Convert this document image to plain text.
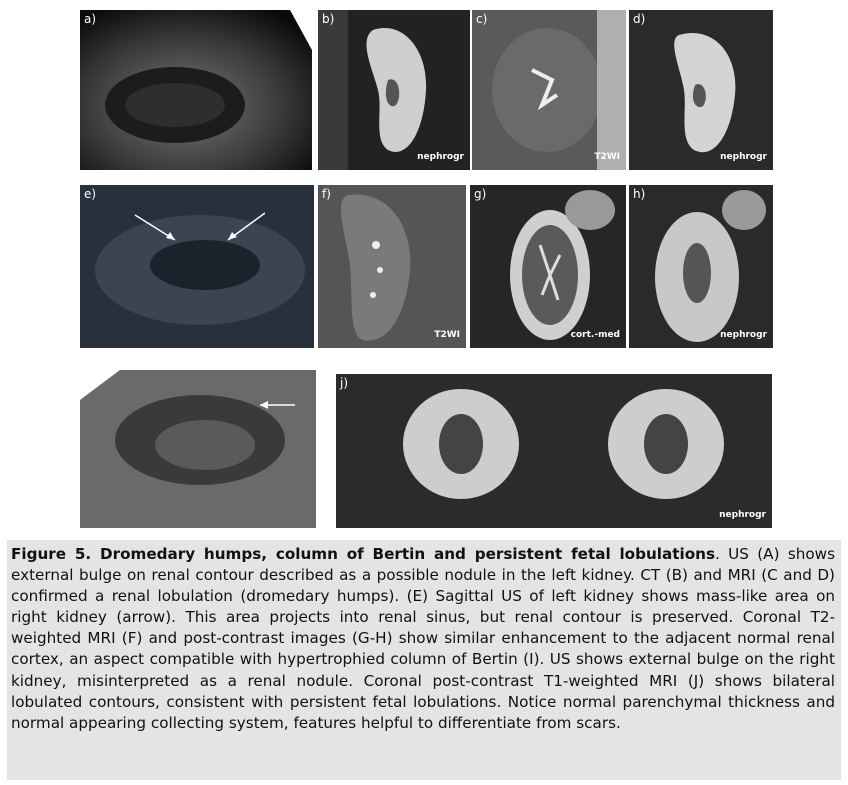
a)	b)
nephrogr
c)
T2WI
d)
nephrogr
e)	f)
T2WI
g)
cort.-med
h)
nephrogr
)	j)
nephrogr
Figure 5. Dromedary humps, column of Bertin and persistent fetal lobulations. US (A) shows external bulge on renal contour described as a possible nodule in the left kidney. CT (B) and MRI (C and D) confirmed a renal lobulation (dromedary humps). (E) Sagittal US of left kidney shows mass-like area on right kidney (arrow). This area projects into renal sinus, but renal contour is preserved. Coronal T2- weighted MRI (F) and post-contrast images (G-H) show similar enhancement to the adjacent normal renal cortex, an aspect compatible with hypertrophied column of Bertin (I). US shows external bulge on the right kidney, misinterpreted as a renal nodule. Coronal post-contrast T1-weighted MRI (J) shows bilateral lobulated contours, consistent with persistent fetal lobulations. Notice normal parenchymal thickness and normal appearing collecting system, features helpful to differentiate from scars.
